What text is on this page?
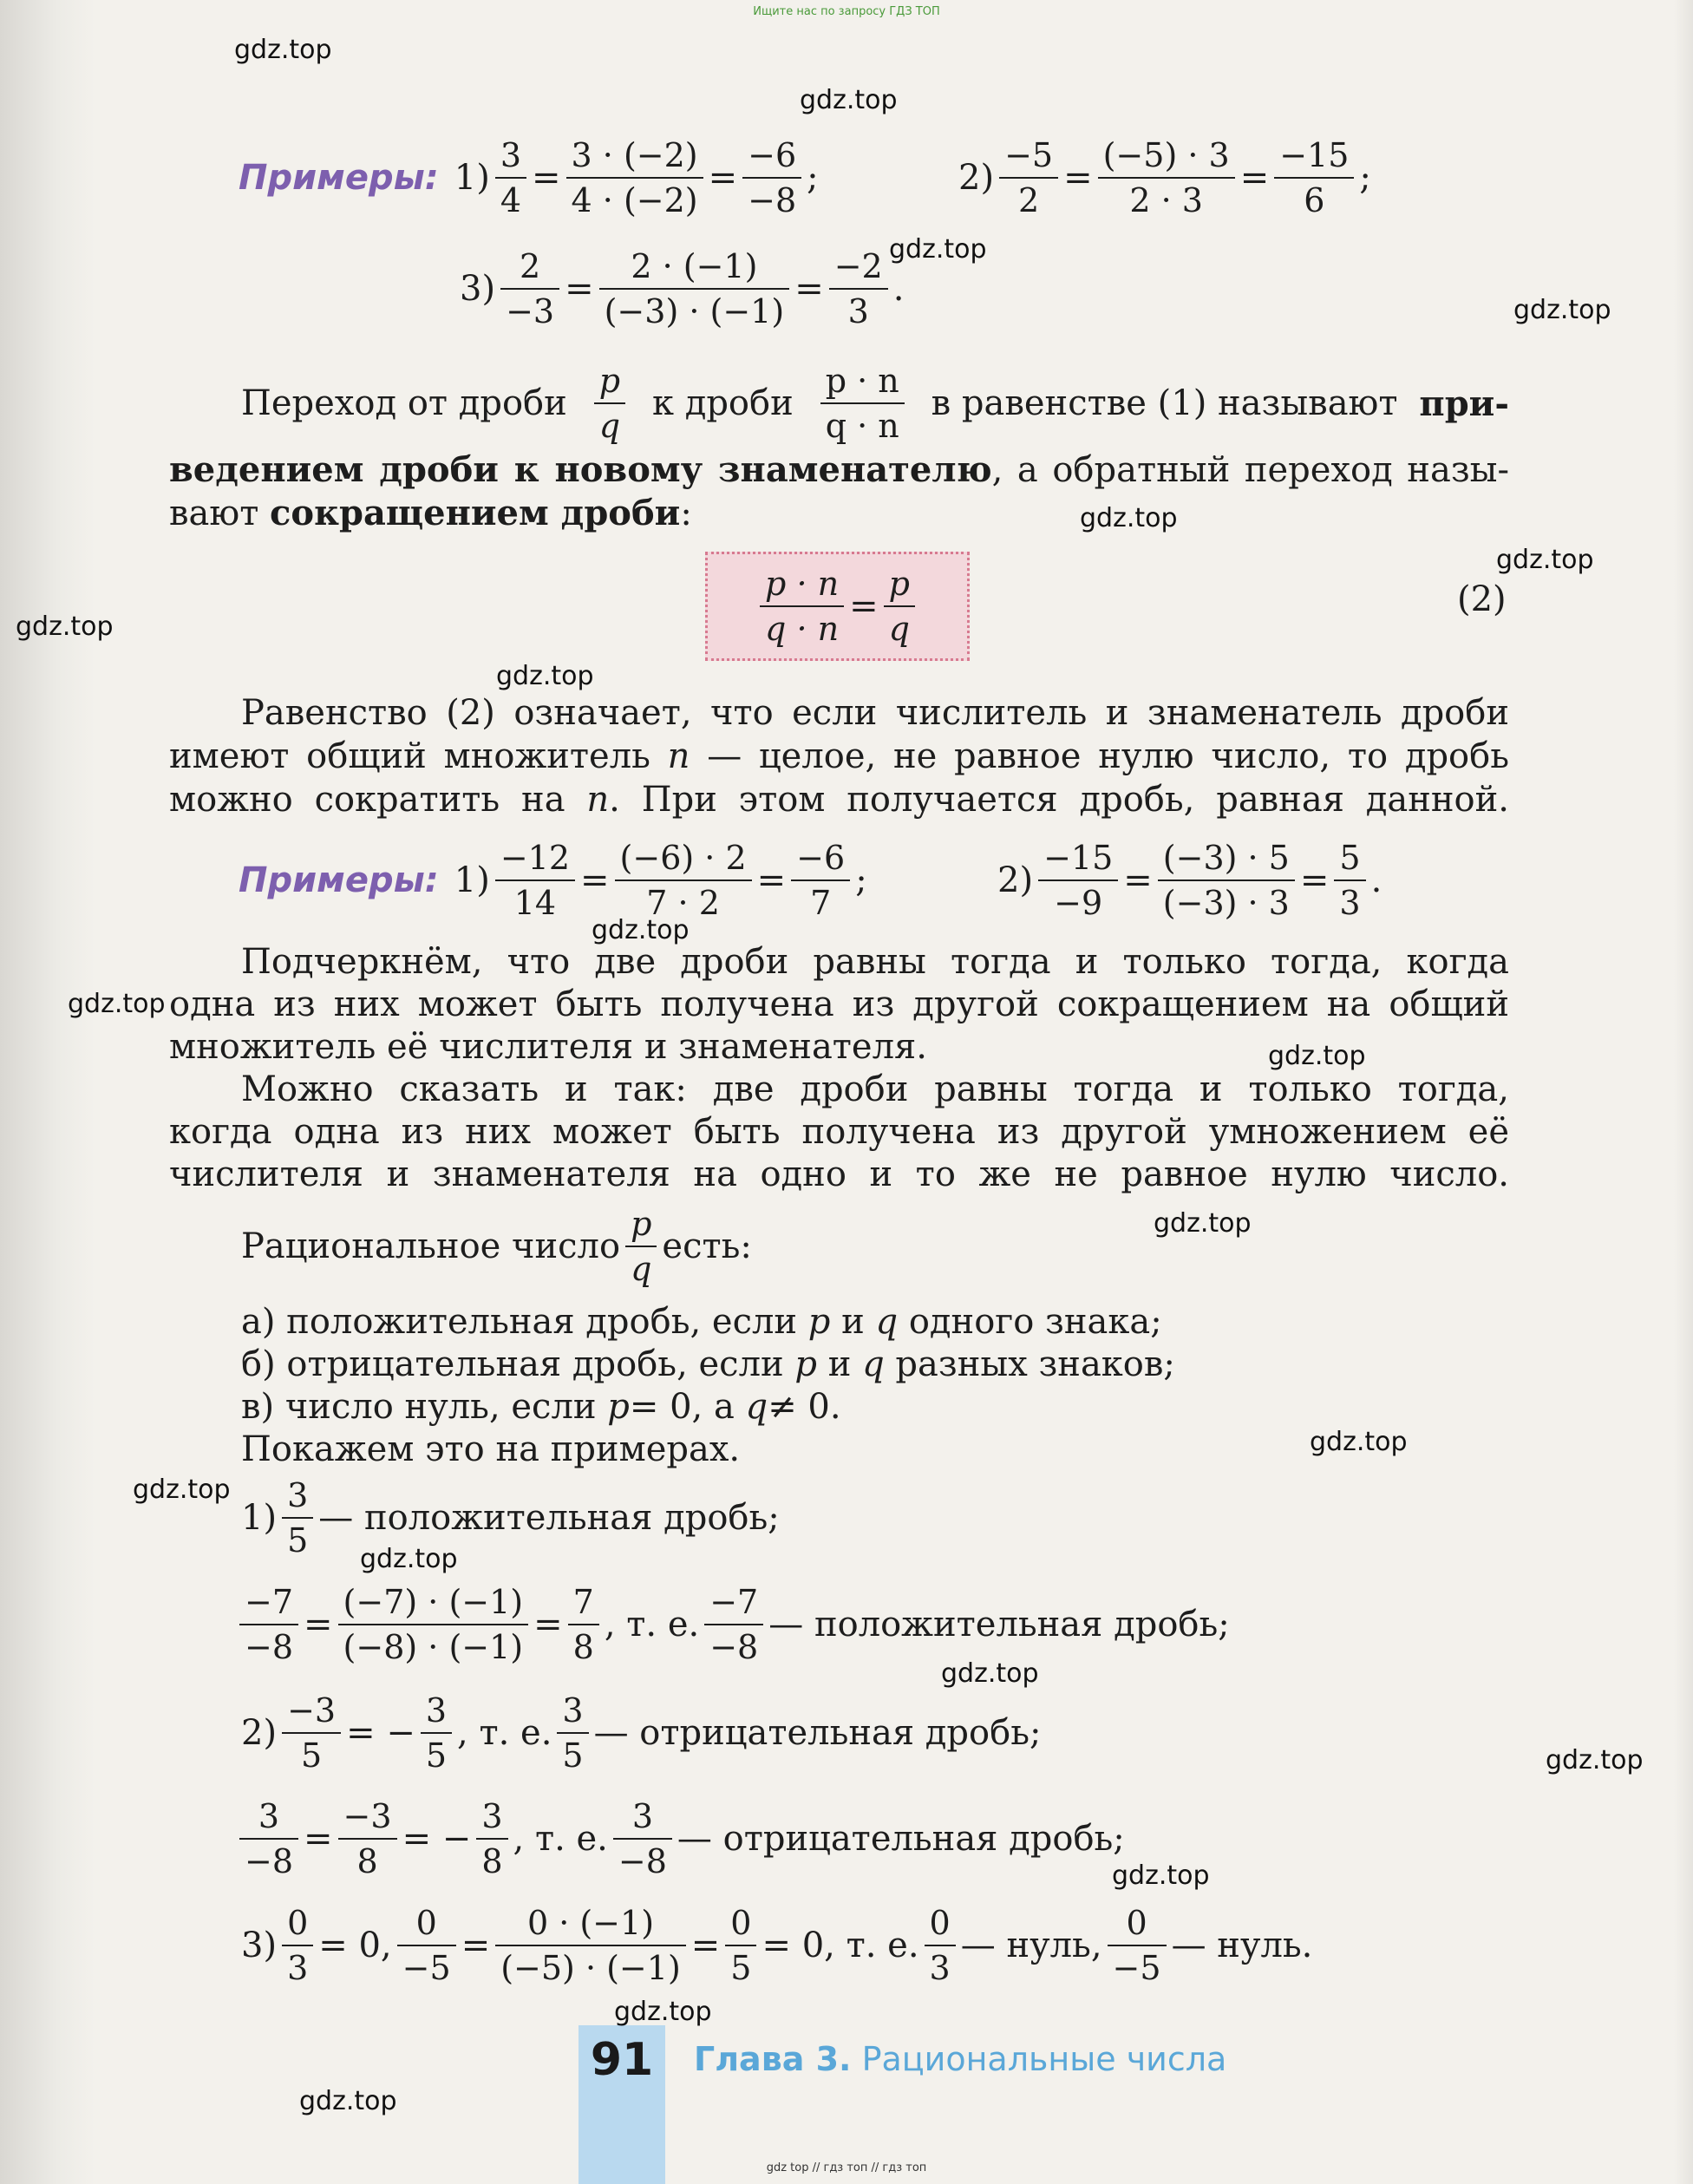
Ищите нас по запросу ГДЗ ТОП
Примеры: $1) \frac{3}{4} = \frac{3 \cdot (-2)}{4 \cdot (-2)} = \frac{-6}{-8}$ ;	$2) \frac{-5}{2} = \frac{(-5) \cdot 3}{2 \cdot 3} = \frac{-15}{6}$ ;
$3) \frac{2}{-3} = \frac{2 \cdot (-1)}{(-3) \cdot (-1)} = \frac{-2}{3}$ .
Переход от дроби $\frac{p}{q}$ к дроби $\frac{p \cdot n}{q \cdot n}$ в равенстве (1) называют при-
ведением дроби к новому знаменателю, а обратный переход назы-
вают сокращением дроби:
$\frac{p \cdot n}{q \cdot n} = \frac{p}{q}$	(2)
Равенство (2) означает, что если числитель и знаменатель дроби
имеют общий множитель n — целое, не равное нулю число, то дробь
можно сократить на n. При этом получается дробь, равная данной.
Примеры: $1) \frac{-12}{14} = \frac{(-6) \cdot 2}{7 \cdot 2} = \frac{-6}{7}$ ;	$2) \frac{-15}{-9} = \frac{(-3) \cdot 5}{(-3) \cdot 3} = \frac{5}{3}$ .
Подчеркнём, что две дроби равны тогда и только тогда, когда
одна из них может быть получена из другой сокращением на общий
множитель её числителя и знаменателя.
Можно сказать и так: две дроби равны тогда и только тогда,
когда одна из них может быть получена из другой умножением её
числителя и знаменателя на одно и то же не равное нулю число.
Рациональное число $\frac{p}{q}$ есть:
а) положительная дробь, если p и q одного знака;
б) отрицательная дробь, если p и q разных знаков;
в) число нуль, если p= 0, а q≠ 0.
Покажем это на примерах.
$1) \frac{3}{5}$ — положительная дробь;
$\frac{-7}{-8} = \frac{(-7) \cdot (-1)}{(-8) \cdot (-1)} = \frac{7}{8}$ , т. е. $\frac{-7}{-8}$ — положительная дробь;
$2) \frac{-3}{5}$ = − $\frac{3}{5}$ , т. е. $\frac{3}{5}$ — отрицательная дробь;
$\frac{3}{-8} = \frac{-3}{8}$ = − $\frac{3}{8}$ , т. е. $\frac{3}{-8}$ — отрицательная дробь;
$3) \frac{0}{3} = 0$, $\frac{0}{-5} = \frac{0 \cdot (-1)}{(-5) \cdot (-1)} = \frac{0}{5} = 0$, т. е. $\frac{0}{3}$ — нуль, $\frac{0}{-5}$ — нуль.
91	Глава 3. Рациональные числа
gdz top // гдз топ // гдз топ
gdz.top
gdz.top
gdz.top
gdz.top
gdz.top
gdz.top
gdz.top
gdz.top
gdz.top
gdz.top
gdz.top
gdz.top
gdz.top
gdz.top
gdz.top
gdz.top
gdz.top
gdz.top
gdz.top
gdz.top
